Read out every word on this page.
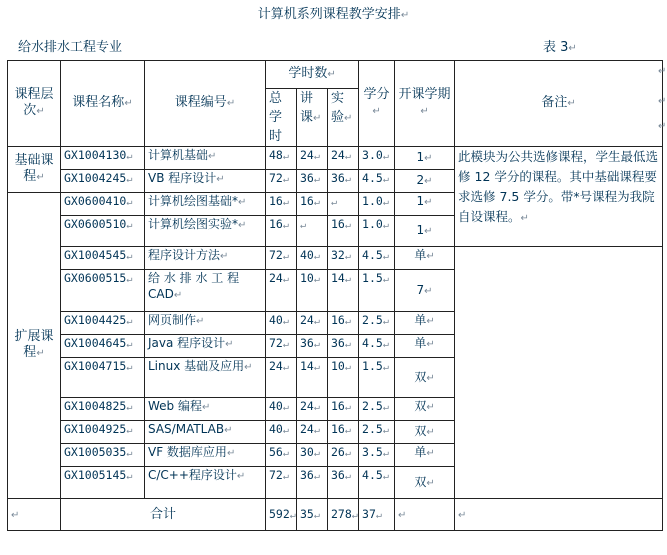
计算机系列课程教学安排 ↵
给水排水工程专业	表 3 ↵
课程层次 ↵	课程名称 ↵	课程编号 ↵	学时数 ↵			学分 ↵	开课学期 ↵	备注 ↵
			总学时	讲课 ↵	实验 ↵
基础课程 ↵	GX1004130 ↵	计算机基础 ↵	48 ↵	24 ↵	24 ↵	3.0 ↵	1 ↵	此模块为公共选修课程，学生最低选修 12 学分的课程。其中基础课程要求选修 7.5 学分。带*号课程为我院自设课程。 ↵
	GX1004245 ↵	VB 程序设计 ↵	72 ↵	36 ↵	36 ↵	4.5 ↵	2 ↵
扩展课程 ↵	GX0600410 ↵	计算机绘图基础* ↵	16 ↵	16 ↵	↵	1.0 ↵	1 ↵
	GX0600510 ↵	计算机绘图实验* ↵	16 ↵	↵	16 ↵	1.0 ↵	1 ↵
	GX1004545 ↵	程序设计方法 ↵	72 ↵	40 ↵	32 ↵	4.5 ↵	单 ↵	
	GX0600515 ↵	给 水 排 水 工 程 CAD ↵	24 ↵	10 ↵	14 ↵	1.5 ↵	7 ↵
	GX1004425 ↵	网页制作 ↵	40 ↵	24 ↵	16 ↵	2.5 ↵	单 ↵
	GX1004645 ↵	Java 程序设计 ↵	72 ↵	36 ↵	36 ↵	4.5 ↵	单 ↵
	GX1004715 ↵	Linux 基础及应用 ↵	24 ↵	14 ↵	10 ↵	1.5 ↵	双 ↵
	GX1004825 ↵	Web 编程 ↵	40 ↵	24 ↵	16 ↵	2.5 ↵	双 ↵
	GX1004925 ↵	SAS/MATLAB ↵	40 ↵	24 ↵	16 ↵	2.5 ↵	双 ↵
	GX1005035 ↵	VF 数据库应用 ↵	56 ↵	30 ↵	26 ↵	3.5 ↵	单 ↵
	GX1005145 ↵	C/C++程序设计 ↵	72 ↵	36 ↵	36 ↵	4.5 ↵	双 ↵
↵	合计		592 ↵	35 ↵	278 ↵	37 ↵	↵	↵
↵
↵
↵
